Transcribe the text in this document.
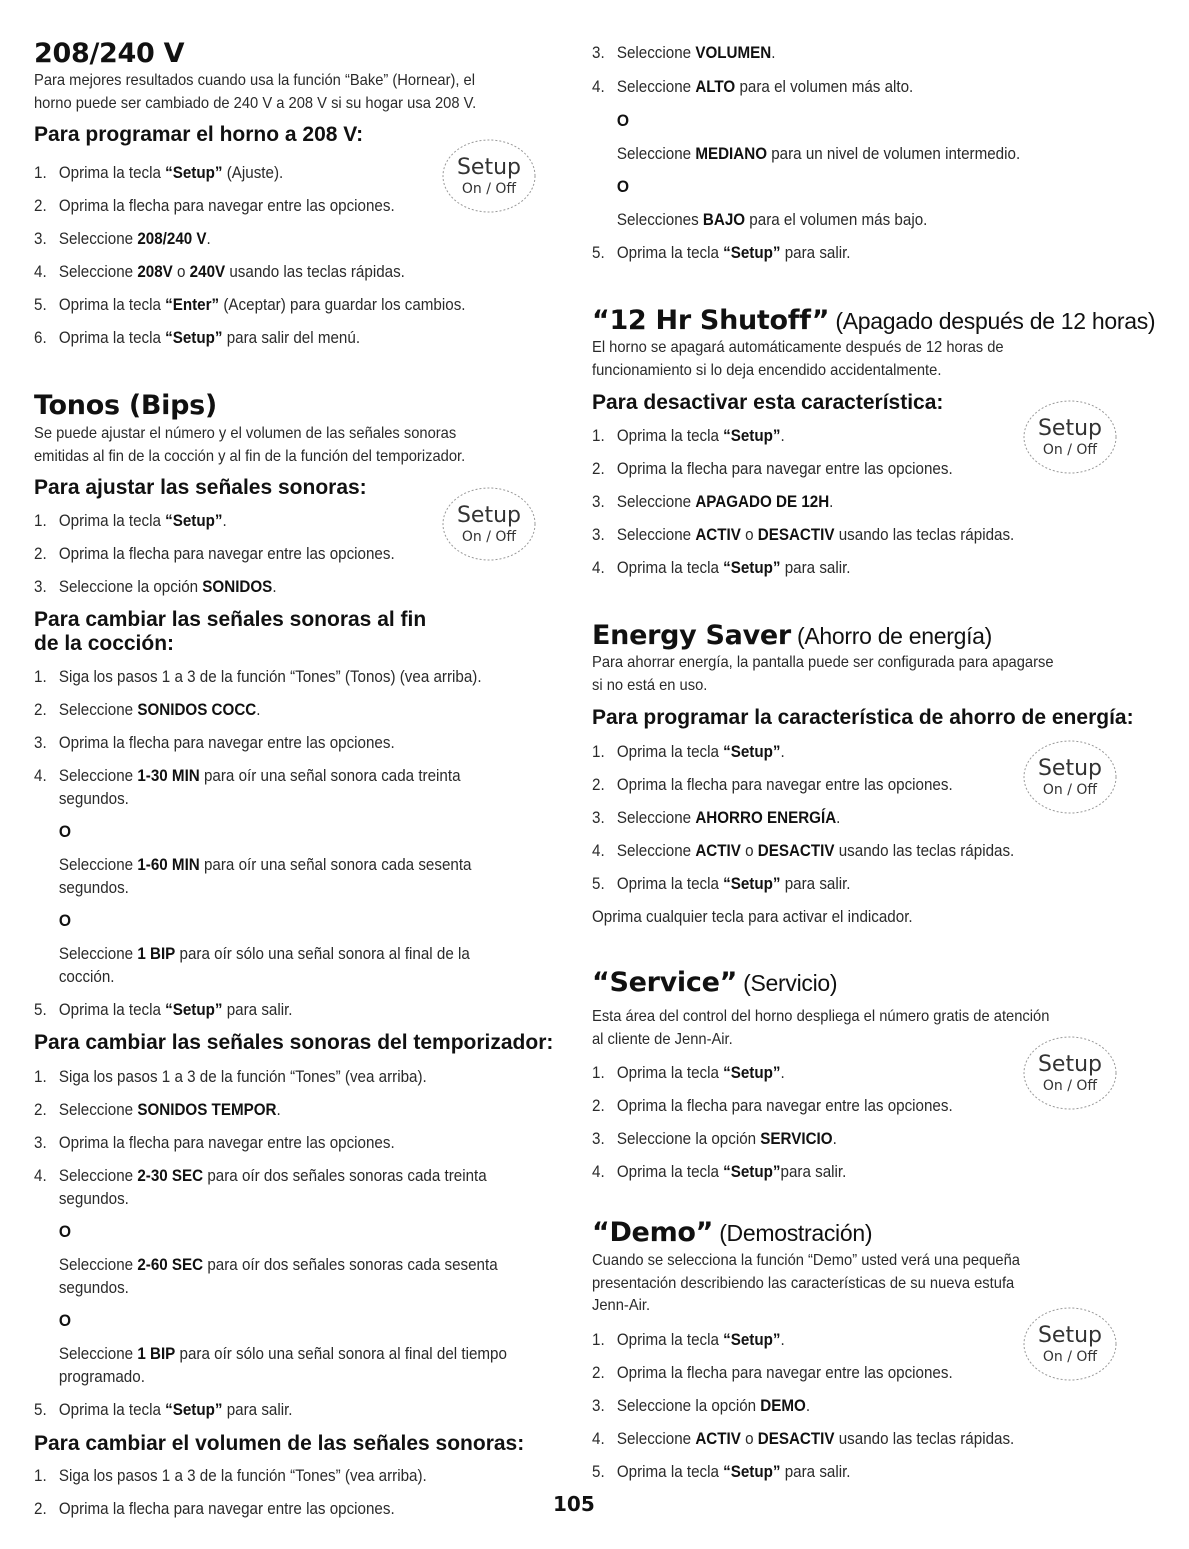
208/240 V
Para mejores resultados cuando usa la función “Bake” (Hornear), el
horno puede ser cambiado de 240 V a 208 V si su hogar usa 208 V.
Para programar el horno a 208 V:
1. Oprima la tecla “Setup” (Ajuste).
2. Oprima la flecha para navegar entre las opciones.
3. Seleccione 208/240 V.
4. Seleccione 208V o 240V usando las teclas rápidas.
5. Oprima la tecla “Enter” (Aceptar) para guardar los cambios.
6. Oprima la tecla “Setup” para salir del menú.
Tonos (Bips)
Se puede ajustar el número y el volumen de las señales sonoras
emitidas al fin de la cocción y al fin de la función del temporizador.
Para ajustar las señales sonoras:
1. Oprima la tecla “Setup”.
2. Oprima la flecha para navegar entre las opciones.
3. Seleccione la opción SONIDOS.
Para cambiar las señales sonoras al fin
de la cocción:
1. Siga los pasos 1 a 3 de la función “Tones” (Tonos) (vea arriba).
2. Seleccione SONIDOS COCC.
3. Oprima la flecha para navegar entre las opciones.
4. Seleccione 1-30 MIN para oír una señal sonora cada treinta
segundos.
O
Seleccione 1-60 MIN para oír una señal sonora cada sesenta
segundos.
O
Seleccione 1 BIP para oír sólo una señal sonora al final de la
cocción.
5. Oprima la tecla “Setup” para salir.
Para cambiar las señales sonoras del temporizador:
1. Siga los pasos 1 a 3 de la función “Tones” (vea arriba).
2. Seleccione SONIDOS TEMPOR.
3. Oprima la flecha para navegar entre las opciones.
4. Seleccione 2-30 SEC para oír dos señales sonoras cada treinta
segundos.
O
Seleccione 2-60 SEC para oír dos señales sonoras cada sesenta
segundos.
O
Seleccione 1 BIP para oír sólo una señal sonora al final del tiempo
programado.
5. Oprima la tecla “Setup” para salir.
Para cambiar el volumen de las señales sonoras:
1. Siga los pasos 1 a 3 de la función “Tones” (vea arriba).
2. Oprima la flecha para navegar entre las opciones.
Setup
On / Off
Setup
On / Off
3. Seleccione VOLUMEN.
4. Seleccione ALTO para el volumen más alto.
O
Seleccione MEDIANO para un nivel de volumen intermedio.
O
Selecciones BAJO para el volumen más bajo.
5. Oprima la tecla “Setup” para salir.
“12 Hr Shutoff” (Apagado después de 12 horas)
El horno se apagará automáticamente después de 12 horas de
funcionamiento si lo deja encendido accidentalmente.
Para desactivar esta característica:
1. Oprima la tecla “Setup”.
2. Oprima la flecha para navegar entre las opciones.
3. Seleccione APAGADO DE 12H.
3. Seleccione ACTIV o DESACTIV usando las teclas rápidas.
4. Oprima la tecla “Setup” para salir.
Energy Saver (Ahorro de energía)
Para ahorrar energía, la pantalla puede ser configurada para apagarse
si no está en uso.
Para programar la característica de ahorro de energía:
1. Oprima la tecla “Setup”.
2. Oprima la flecha para navegar entre las opciones.
3. Seleccione AHORRO ENERGÍA.
4. Seleccione ACTIV o DESACTIV usando las teclas rápidas.
5. Oprima la tecla “Setup” para salir.
Oprima cualquier tecla para activar el indicador.
“Service” (Servicio)
Esta área del control del horno despliega el número gratis de atención
al cliente de Jenn-Air.
1. Oprima la tecla “Setup”.
2. Oprima la flecha para navegar entre las opciones.
3. Seleccione la opción SERVICIO.
4. Oprima la tecla “Setup”para salir.
“Demo” (Demostración)
Cuando se selecciona la función “Demo” usted verá una pequeña
presentación describiendo las características de su nueva estufa
Jenn-Air.
1. Oprima la tecla “Setup”.
2. Oprima la flecha para navegar entre las opciones.
3. Seleccione la opción DEMO.
4. Seleccione ACTIV o DESACTIV usando las teclas rápidas.
5. Oprima la tecla “Setup” para salir.
Setup
On / Off
Setup
On / Off
Setup
On / Off
Setup
On / Off
105
